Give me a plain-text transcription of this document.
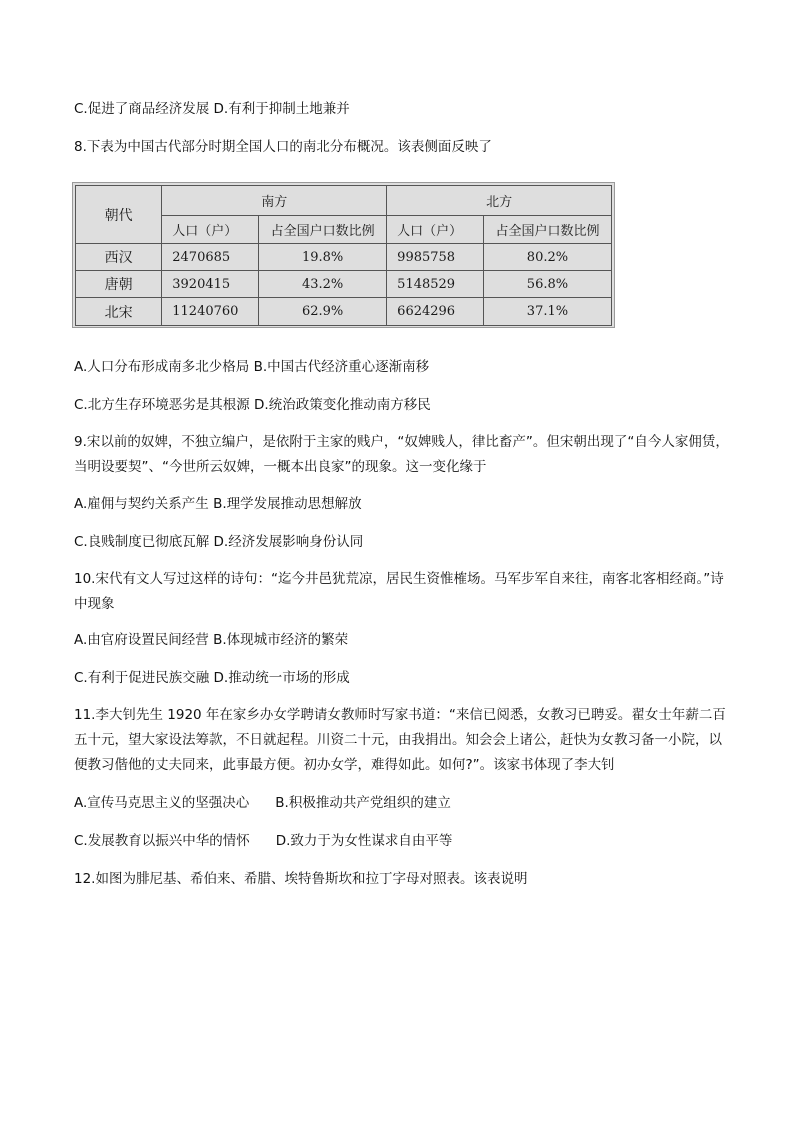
C.促进了商品经济发展 D.有利于抑制土地兼并
8.下表为中国古代部分时期全国人口的南北分布概况。该表侧面反映了
朝代	南方		北方	
	人口（户）	占全国户口数比例	人口（户）	占全国户口数比例
西汉	2470685	19.8%	9985758	80.2%
唐朝	3920415	43.2%	5148529	56.8%
北宋	11240760	62.9%	6624296	37.1%
A.人口分布形成南多北少格局 B.中国古代经济重心逐渐南移
C.北方生存环境恶劣是其根源 D.统治政策变化推动南方移民
9.宋以前的奴婢，不独立编户，是依附于主家的贱户，“奴婢贱人，律比畜产”。但宋朝出现了“自今人家佣赁，当明设要契”、“今世所云奴婢，一概本出良家”的现象。这一变化缘于
A.雇佣与契约关系产生 B.理学发展推动思想解放
C.良贱制度已彻底瓦解 D.经济发展影响身份认同
10.宋代有文人写过这样的诗句：“迄今井邑犹荒凉，居民生资惟榷场。马军步军自来往，南客北客相经商。”诗中现象
A.由官府设置民间经营 B.体现城市经济的繁荣
C.有利于促进民族交融 D.推动统一市场的形成
11.李大钊先生 1920 年在家乡办女学聘请女教师时写家书道：“来信已阅悉，女教习已聘妥。翟女士年薪二百五十元，望大家设法筹款，不日就起程。川资二十元，由我捐出。知会会上诸公，赶快为女教习备一小院，以便教习偕他的丈夫同来，此事最方便。初办女学，难得如此。如何?”。该家书体现了李大钊
A.宣传马克思主义的坚强决心 B.积极推动共产党组织的建立
C.发展教育以振兴中华的情怀 D.致力于为女性谋求自由平等
12.如图为腓尼基、希伯来、希腊、埃特鲁斯坎和拉丁字母对照表。该表说明
